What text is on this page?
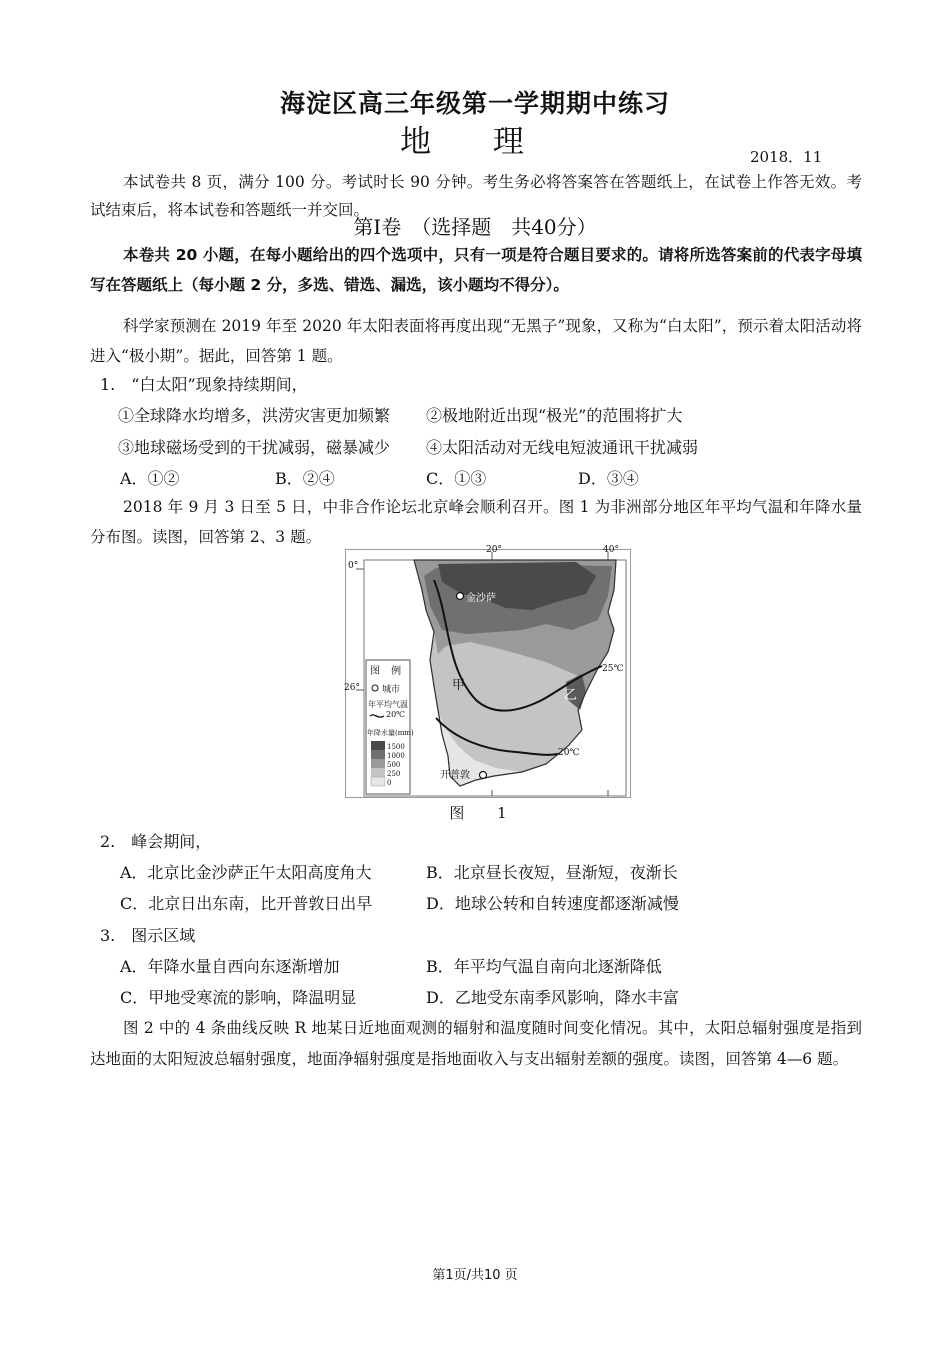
海淀区高三年级第一学期期中练习
地 理	2018．11
本试卷共 8 页，满分 100 分。考试时长 90 分钟。考生务必将答案答在答题纸上，在试卷上作答无效。考试结束后，将本试卷和答题纸一并交回。
第Ⅰ卷　（选择题　共40分）
本卷共 20 小题，在每小题给出的四个选项中，只有一项是符合题目要求的。请将所选答案前的代表字母填写在答题纸上（每小题 2 分，多选、错选、漏选，该小题均不得分）。
科学家预测在 2019 年至 2020 年太阳表面将再度出现“无黑子”现象，又称为“白太阳”，预示着太阳活动将进入“极小期”。据此，回答第 1 题。
1.　“白太阳”现象持续期间，
①全球降水均增多，洪涝灾害更加频繁 ②极地附近出现“极光”的范围将扩大
③地球磁场受到的干扰减弱，磁暴减少 ④太阳活动对无线电短波通讯干扰减弱
A．①②	B．②④	C．①③	D．③④
2018 年 9 月 3 日至 5 日，中非合作论坛北京峰会顺利召开。图 1 为非洲部分地区年平均气温和年降水量分布图。读图，回答第 2、3 题。
20°	40°
0°
26°
金沙萨
开普敦
甲
乙
25℃
20℃
图 例
城市
年平均气温
20℃
年降水量(mm)
1500
1000
500
250
0
图 1
2.　峰会期间，
A．北京比金沙萨正午太阳高度角大	B．北京昼长夜短，昼渐短，夜渐长
C．北京日出东南，比开普敦日出早	D．地球公转和自转速度都逐渐减慢
3.　图示区域
A．年降水量自西向东逐渐增加	B．年平均气温自南向北逐渐降低
C．甲地受寒流的影响，降温明显	D．乙地受东南季风影响，降水丰富
图 2 中的 4 条曲线反映 R 地某日近地面观测的辐射和温度随时间变化情况。其中，太阳总辐射强度是指到达地面的太阳短波总辐射强度，地面净辐射强度是指地面收入与支出辐射差额的强度。读图，回答第 4—6 题。
第1页/共10 页
